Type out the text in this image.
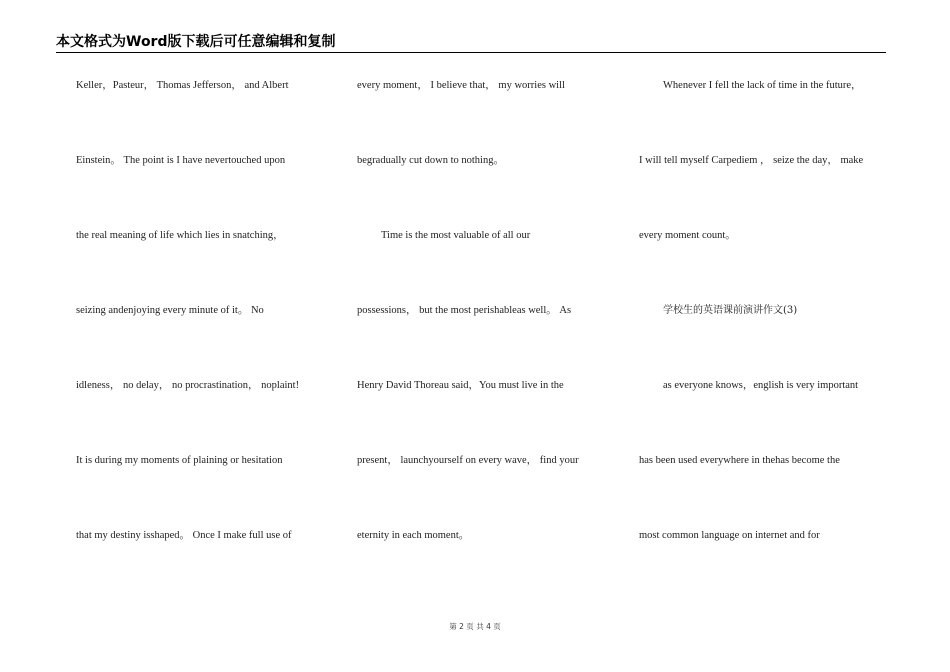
本文格式为Word版下载后可任意编辑和复制
Keller，Pasteur， Thomas Jefferson， and Albert
Einstein。 The point is I have nevertouched upon
the real meaning of life which lies in snatching，
seizing andenjoying every minute of it。 No
idleness， no delay， no procrastination， noplaint!
It is during my moments of plaining or hesitation
that my destiny isshaped。 Once I make full use of
every moment， I believe that， my worries will
begradually cut down to nothing。
Time is the most valuable of all our
possessions， but the most perishableas well。 As
Henry David Thoreau said，You must live in the
present， launchyourself on every wave， find your
eternity in each moment。
Whenever I fell the lack of time in the future，
I will tell myself Carpediem ， seize the day， make
every moment count。
学校生的英语课前演讲作文(3)
as everyone knows，english is very important
has been used everywhere in thehas become the
most common language on internet and for
第 2 页 共 4 页
